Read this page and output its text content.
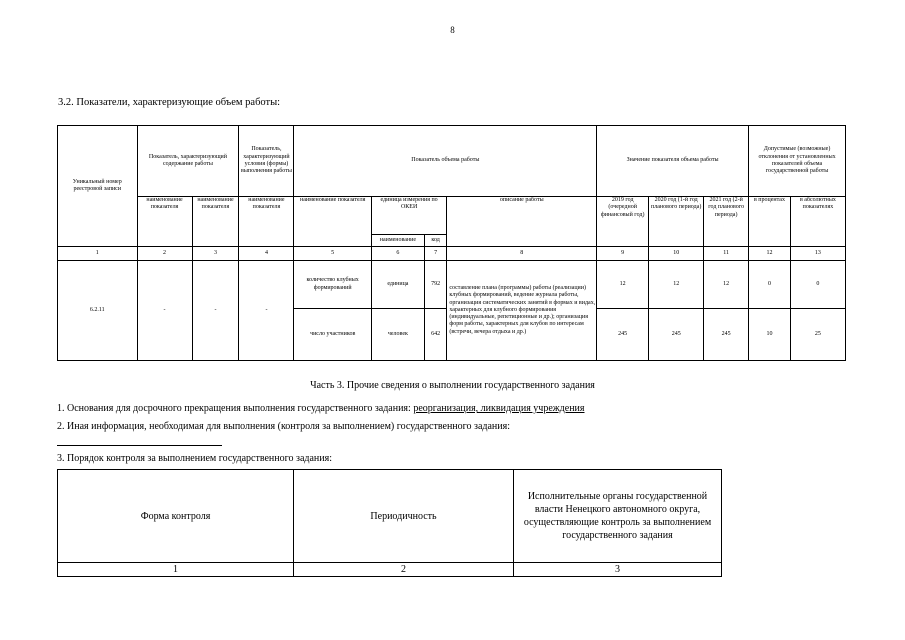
8
3.2. Показатели, характеризующие объем работы:
Уникальный номер реестровой записи	Показатель, характеризующий содержание работы		Показатель, характеризующий условия (формы) выполнения работы	Показатель объема работы				Значение показателя объема работы			Допустимые (возможные) отклонения от установленных показателей объема государственной работы	
	наименование показателя	наименование показателя	наименование показателя	наименование показателя	единица измерения по ОКЕИ		описание работы	2019 год (очередной финансовый год)	2020 год (1-й год планового периода)	2021 год (2-й год планового периода)	в процентах	в абсолютных показателях
					наименование	код						
1	2	3	4	5	6	7	8	9	10	11	12	13
6.2.11	-	-	-	количество клубных формирований	единица	792	составление плана (программы) работы (реализации) клубных формирований, ведение журнала работы, организация систематических занятий в формах и видах, характерных для клубного формирования (индивидуальные, репетиционные и др.); организация форм работы, характерных для клубов по интересам (встречи, вечера отдыха и др.)	12	12	12	0	0
				число участников	человек	642		245	245	245	10	25
Часть 3. Прочие сведения о выполнении государственного задания
1. Основания для досрочного прекращения выполнения государственного задания: реорганизация, ликвидация учреждения
2. Иная информация, необходимая для выполнения (контроля за выполнением) государственного задания:
3. Порядок контроля за выполнением государственного задания:
Форма контроля	Периодичность	Исполнительные органы государственной власти Ненецкого автономного округа, осуществляющие контроль за выполнением государственного задания
1	2	3
